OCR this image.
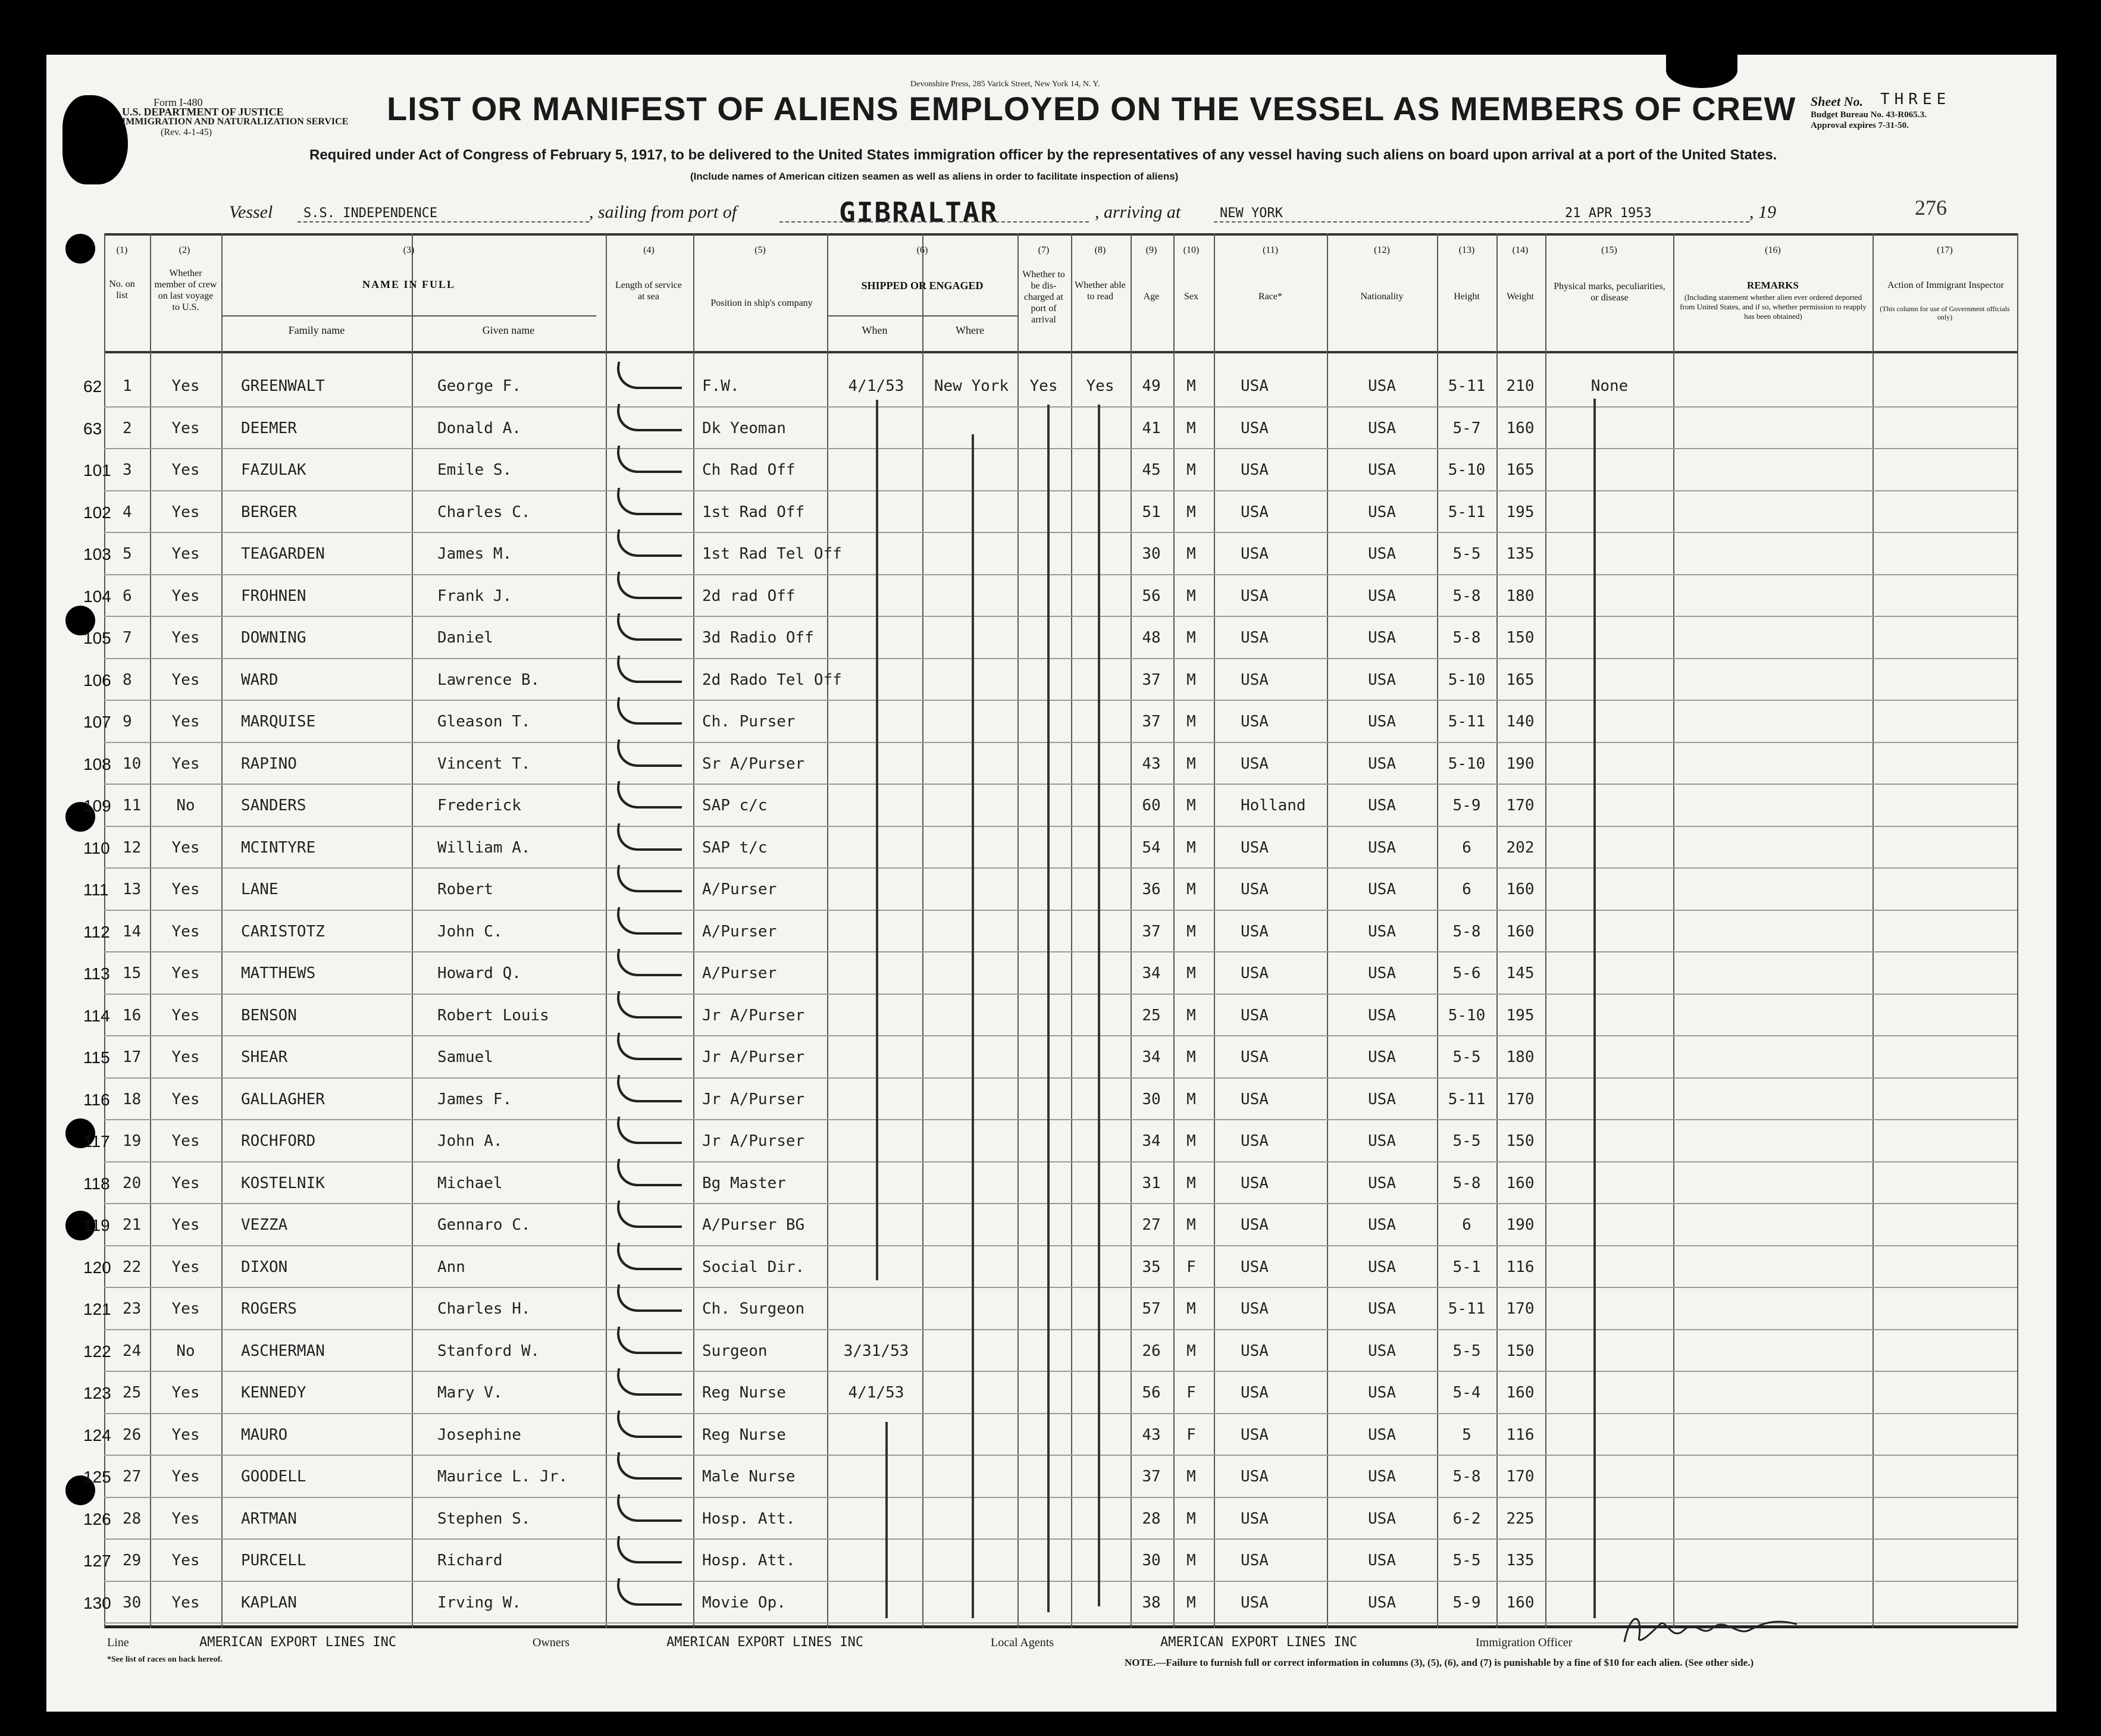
Form I-480
U.S. DEPARTMENT OF JUSTICE
IMMIGRATION AND NATURALIZATION SERVICE
(Rev. 4-1-45)
Devonshire Press, 285 Varick Street, New York 14, N. Y.
LIST OR MANIFEST OF ALIENS EMPLOYED ON THE VESSEL AS MEMBERS OF CREW
Required under Act of Congress of February 5, 1917, to be delivered to the United States immigration officer by the representatives of any vessel having such aliens on board upon arrival at a port of the United States.
(Include names of American citizen seamen as well as aliens in order to facilitate inspection of aliens)
Sheet No. THREE
Budget Bureau No. 43-R065.3.
Approval expires 7-31-50.
276
Vessel S.S. INDEPENDENCE	, sailing from port of	GIBRALTAR	, arriving at	NEW YORK	21 APR 1953	, 19
(1)
No. on list
(2)
Whether member of crew on last voyage to U.S.
(3)
NAME IN FULL
Family name	Given name
(4)
Length of service at sea
(5)
Position in ship's company
(6)
SHIPPED OR ENGAGED
When	Where
(7)
Whether to be dis-charged at port of arrival
(8)
Whether able to read
(9)
Age
(10)
Sex
(11)
Race*
(12)
Nationality
(13)
Height
(14)
Weight
(15)
Physical marks, peculiarities, or disease
(16)
REMARKS
(Including statement whether alien ever ordered deported from United States, and if so, whether permission to reapply has been obtained)
(17)
Action of Immigrant Inspector
(This column for use of Government officials only)
62	1	Yes	GREENWALT	George F.	F.W.	4/1/53	New York	Yes	Yes	49	M	USA	USA	5-11	210	None
63	2	Yes	DEEMER	Donald A.	Dk Yeoman	41	M	USA	USA	5-7	160
101 3	Yes	FAZULAK	Emile S.	Ch Rad Off	45	M	USA	USA	5-10	165
102 4	Yes	BERGER	Charles C.	1st Rad Off	51	M	USA	USA	5-11	195
103 5	Yes	TEAGARDEN	James M.	1st Rad Tel Off	30	M	USA	USA	5-5	135
104 6	Yes	FROHNEN	Frank J.	2d rad Off	56	M	USA	USA	5-8	180
105 7	Yes	DOWNING	Daniel	3d Radio Off	48	M	USA	USA	5-8	150
106 8	Yes	WARD	Lawrence B.	2d Rado Tel Off	37	M	USA	USA	5-10	165
107 9	Yes	MARQUISE	Gleason T.	Ch. Purser	37	M	USA	USA	5-11	140
108 10	Yes	RAPINO	Vincent T.	Sr A/Purser	43	M	USA	USA	5-10	190
109 11	No	SANDERS	Frederick	SAP c/c	60	M	Holland	USA	5-9	170
110 12	Yes	MCINTYRE	William A.	SAP t/c	54	M	USA	USA	6	202
111 13	Yes	LANE	Robert	A/Purser	36	M	USA	USA	6	160
112 14	Yes	CARISTOTZ	John C.	A/Purser	37	M	USA	USA	5-8	160
113 15	Yes	MATTHEWS	Howard Q.	A/Purser	34	M	USA	USA	5-6	145
114 16	Yes	BENSON	Robert Louis	Jr A/Purser	25	M	USA	USA	5-10	195
115 17	Yes	SHEAR	Samuel	Jr A/Purser	34	M	USA	USA	5-5	180
116 18	Yes	GALLAGHER	James F.	Jr A/Purser	30	M	USA	USA	5-11	170
117 19	Yes	ROCHFORD	John A.	Jr A/Purser	34	M	USA	USA	5-5	150
118 20	Yes	KOSTELNIK	Michael	Bg Master	31	M	USA	USA	5-8	160
119 21	Yes	VEZZA	Gennaro C.	A/Purser BG	27	M	USA	USA	6	190
120 22	Yes	DIXON	Ann	Social Dir.	35	F	USA	USA	5-1	116
121 23	Yes	ROGERS	Charles H.	Ch. Surgeon	57	M	USA	USA	5-11	170
122 24	No	ASCHERMAN	Stanford W.	Surgeon	3/31/53	26	M	USA	USA	5-5	150
123 25	Yes	KENNEDY	Mary V.	Reg Nurse	4/1/53	56	F	USA	USA	5-4	160
124 26	Yes	MAURO	Josephine	Reg Nurse	43	F	USA	USA	5	116
125 27	Yes	GOODELL	Maurice L. Jr.	Male Nurse	37	M	USA	USA	5-8	170
126 28	Yes	ARTMAN	Stephen S.	Hosp. Att.	28	M	USA	USA	6-2	225
127 29	Yes	PURCELL	Richard	Hosp. Att.	30	M	USA	USA	5-5	135
130 30	Yes	KAPLAN	Irving W.	Movie Op.	38	M	USA	USA	5-9	160
Line	AMERICAN EXPORT LINES INC	Owners	AMERICAN EXPORT LINES INC	Local Agents	AMERICAN EXPORT LINES INC	Immigration Officer
*See list of races on back hereof.	NOTE.—Failure to furnish full or correct information in columns (3), (5), (6), and (7) is punishable by a fine of $10 for each alien. (See other side.)
